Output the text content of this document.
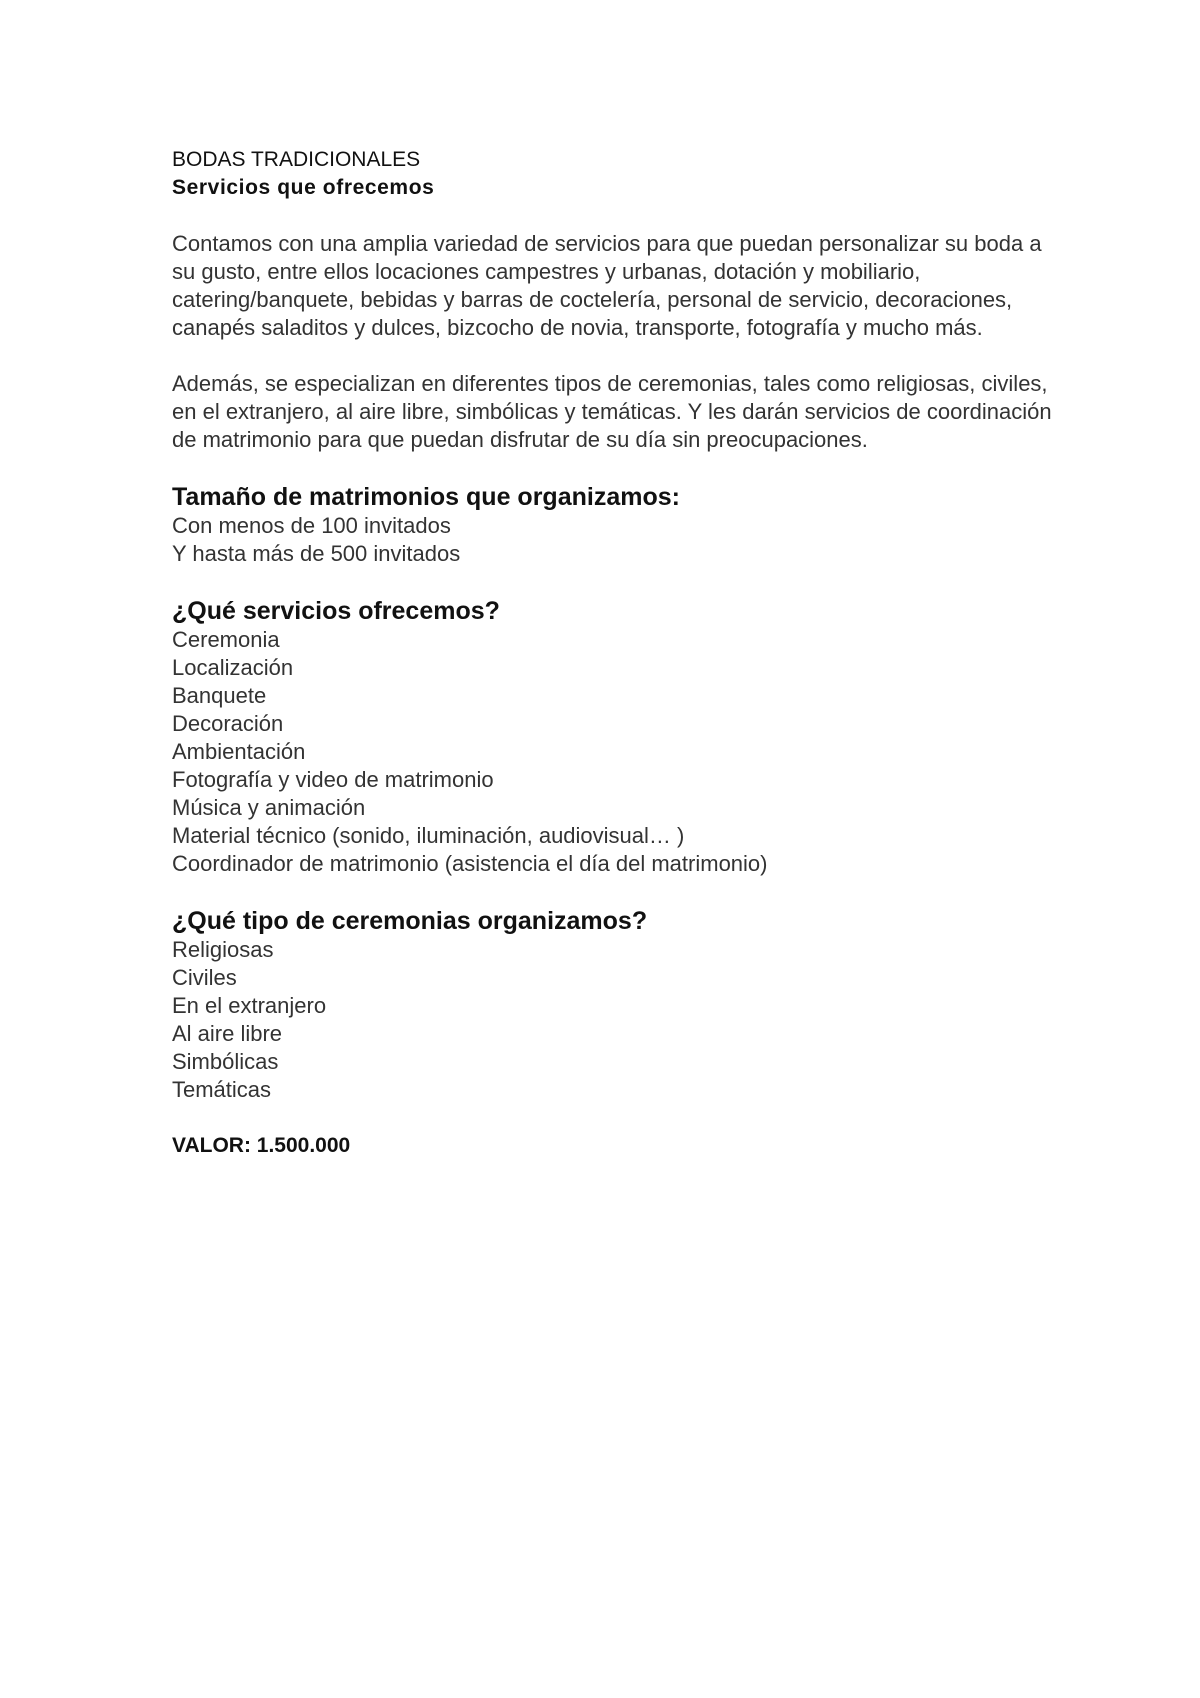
BODAS TRADICIONALES
Servicios que ofrecemos

Contamos con una amplia variedad de servicios para que puedan personalizar su boda a su gusto, entre ellos locaciones campestres y urbanas, dotación y mobiliario, catering/banquete, bebidas y barras de coctelería, personal de servicio, decoraciones, canapés saladitos y dulces, bizcocho de novia, transporte, fotografía y mucho más.

Además, se especializan en diferentes tipos de ceremonias, tales como religiosas, civiles, en el extranjero, al aire libre, simbólicas y temáticas. Y les darán servicios de coordinación de matrimonio para que puedan disfrutar de su día sin preocupaciones.

Tamaño de matrimonios que organizamos:
Con menos de 100 invitados
Y hasta más de 500 invitados
¿Qué servicios ofrecemos?
Ceremonia
Localización
Banquete
Decoración
Ambientación
Fotografía y video de matrimonio
Música y animación
Material técnico (sonido, iluminación, audiovisual… )
Coordinador de matrimonio (asistencia el día del matrimonio)
¿Qué tipo de ceremonias organizamos?
Religiosas
Civiles
En el extranjero
Al aire libre
Simbólicas
Temáticas

VALOR: 1.500.000
